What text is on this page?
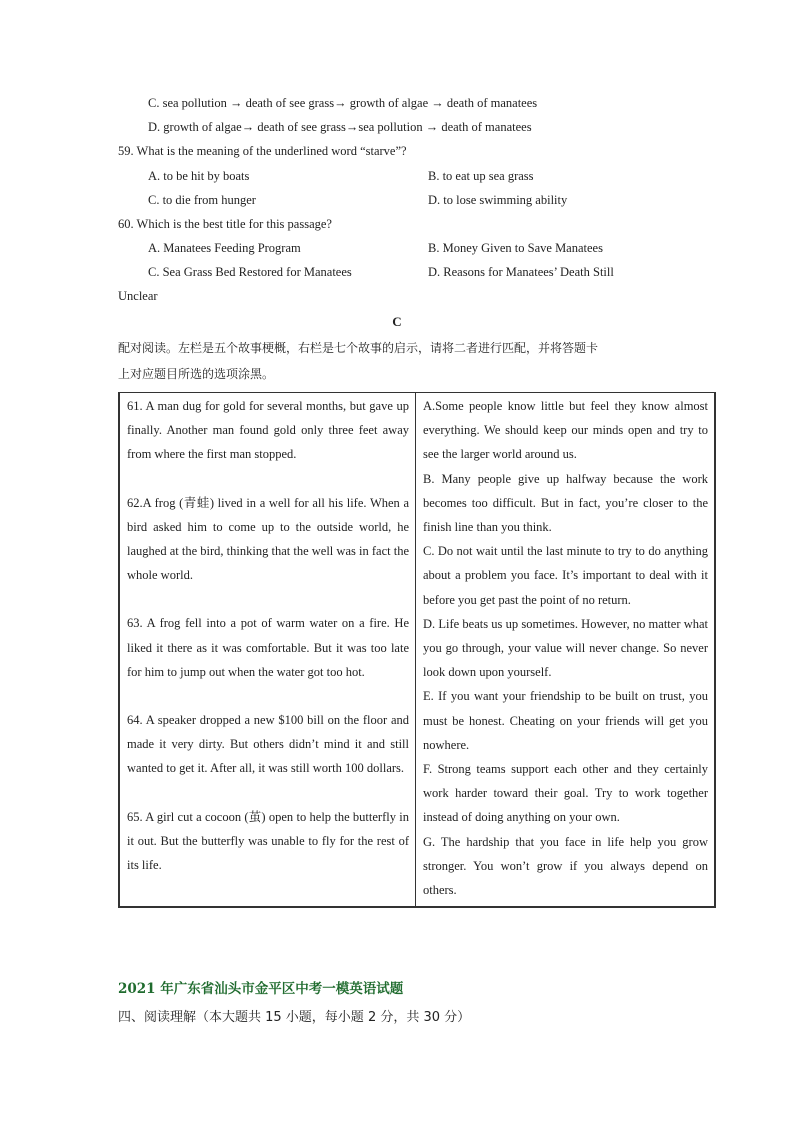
C. sea pollution → death of see grass→ growth of algae → death of manatees
D. growth of algae→ death of see grass→sea pollution → death of manatees
59. What is the meaning of the underlined word “starve”?
A. to be hit by boats	B. to eat up sea grass
C. to die from hunger	D. to lose swimming ability
60. Which is the best title for this passage?
A. Manatees Feeding Program	B. Money Given to Save Manatees
C. Sea Grass Bed Restored for Manatees	D. Reasons for Manatees’ Death Still
Unclear
C
配对阅读。左栏是五个故事梗概，右栏是七个故事的启示，请将二者进行匹配，并将答题卡
上对应题目所选的选项涂黑。
61. A man dug for gold for several months, but gave up finally. Another man found gold only three feet away from where the first man stopped.
62.A frog (青蛙) lived in a well for all his life. When a bird asked him to come up to the outside world, he laughed at the bird, thinking that the well was in fact the whole world.
63. A frog fell into a pot of warm water on a fire. He liked it there as it was comfortable. But it was too late for him to jump out when the water got too hot.
64. A speaker dropped a new $100 bill on the floor and made it very dirty. But others didn’t mind it and still wanted to get it. After all, it was still worth 100 dollars.
65. A girl cut a cocoon (茧) open to help the butterfly in it out. But the butterfly was unable to fly for the rest of its life.

A.Some people know little but feel they know almost everything. We should keep our minds open and try to see the larger world around us.
B. Many people give up halfway because the work becomes too difficult. But in fact, you’re closer to the finish line than you think.
C. Do not wait until the last minute to try to do anything about a problem you face. It’s important to deal with it before you get past the point of no return.
D. Life beats us up sometimes. However, no matter what you go through, your value will never change. So never look down upon yourself.
E. If you want your friendship to be built on trust, you must be honest. Cheating on your friends will get you nowhere.
F. Strong teams support each other and they certainly work harder toward their goal. Try to work together instead of doing anything on your own.
G. The hardship that you face in life help you grow stronger. You won’t grow if you always depend on others.
2021 年广东省汕头市金平区中考一模英语试题
四、阅读理解（本大题共 15 小题，每小题 2 分，共 30 分）
